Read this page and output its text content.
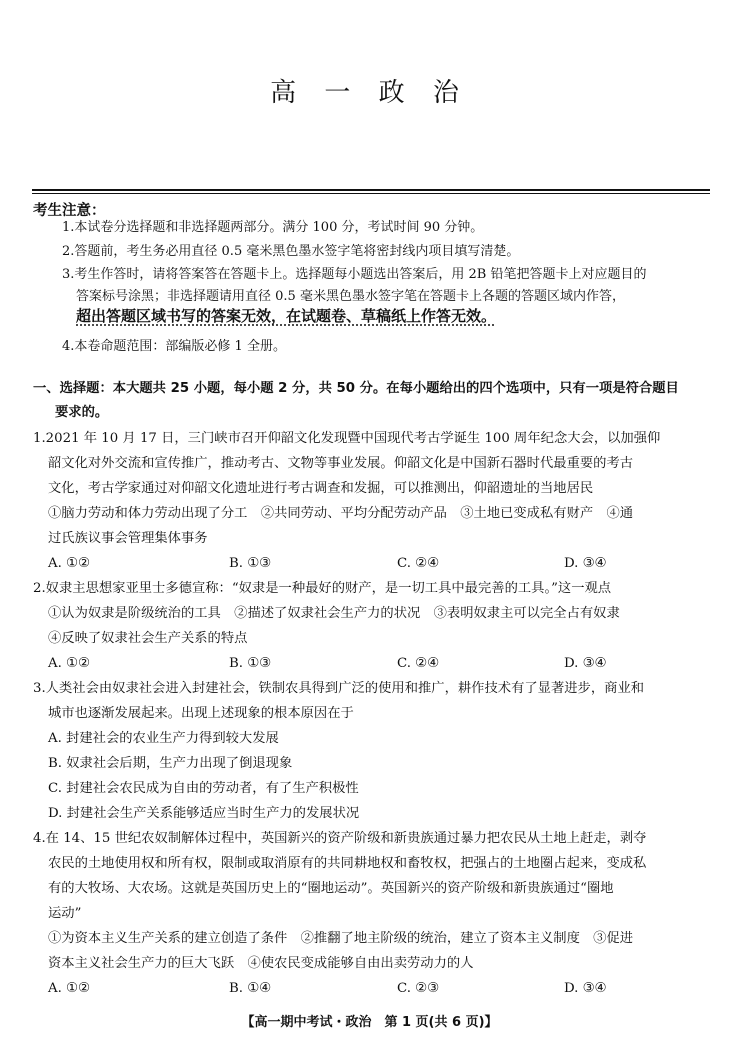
高 一 政 治
考生注意：
1.本试卷分选择题和非选择题两部分。满分 100 分，考试时间 90 分钟。
2.答题前，考生务必用直径 0.5 毫米黑色墨水签字笔将密封线内项目填写清楚。
3.考生作答时，请将答案答在答题卡上。选择题每小题选出答案后，用 2B 铅笔把答题卡上对应题目的
答案标号涂黑；非选择题请用直径 0.5 毫米黑色墨水签字笔在答题卡上各题的答题区域内作答，
超出答题区域书写的答案无效，在试题卷、草稿纸上作答无效。
4.本卷命题范围：部编版必修 1 全册。
一、选择题：本大题共 25 小题，每小题 2 分，共 50 分。在每小题给出的四个选项中，只有一项是符合题目
要求的。
1.2021 年 10 月 17 日，三门峡市召开仰韶文化发现暨中国现代考古学诞生 100 周年纪念大会，以加强仰
韶文化对外交流和宣传推广，推动考古、文物等事业发展。仰韶文化是中国新石器时代最重要的考古
文化，考古学家通过对仰韶文化遗址进行考古调查和发掘，可以推测出，仰韶遗址的当地居民
①脑力劳动和体力劳动出现了分工　②共同劳动、平均分配劳动产品　③土地已变成私有财产　④通
过氏族议事会管理集体事务
A. ①②	B. ①③	C. ②④	D. ③④
2.奴隶主思想家亚里士多德宣称：“奴隶是一种最好的财产，是一切工具中最完善的工具。”这一观点
①认为奴隶是阶级统治的工具　②描述了奴隶社会生产力的状况　③表明奴隶主可以完全占有奴隶
④反映了奴隶社会生产关系的特点
A. ①②	B. ①③	C. ②④	D. ③④
3.人类社会由奴隶社会进入封建社会，铁制农具得到广泛的使用和推广，耕作技术有了显著进步，商业和
城市也逐渐发展起来。出现上述现象的根本原因在于
A. 封建社会的农业生产力得到较大发展
B. 奴隶社会后期，生产力出现了倒退现象
C. 封建社会农民成为自由的劳动者，有了生产积极性
D. 封建社会生产关系能够适应当时生产力的发展状况
4.在 14、15 世纪农奴制解体过程中，英国新兴的资产阶级和新贵族通过暴力把农民从土地上赶走，剥夺
农民的土地使用权和所有权，限制或取消原有的共同耕地权和畜牧权，把强占的土地圈占起来，变成私
有的大牧场、大农场。这就是英国历史上的“圈地运动”。英国新兴的资产阶级和新贵族通过“圈地
运动”
①为资本主义生产关系的建立创造了条件　②推翻了地主阶级的统治，建立了资本主义制度　③促进
资本主义社会生产力的巨大飞跃　④使农民变成能够自由出卖劳动力的人
A. ①②	B. ①④	C. ②③	D. ③④
【高一期中考试・政治　第 1 页(共 6 页)】
